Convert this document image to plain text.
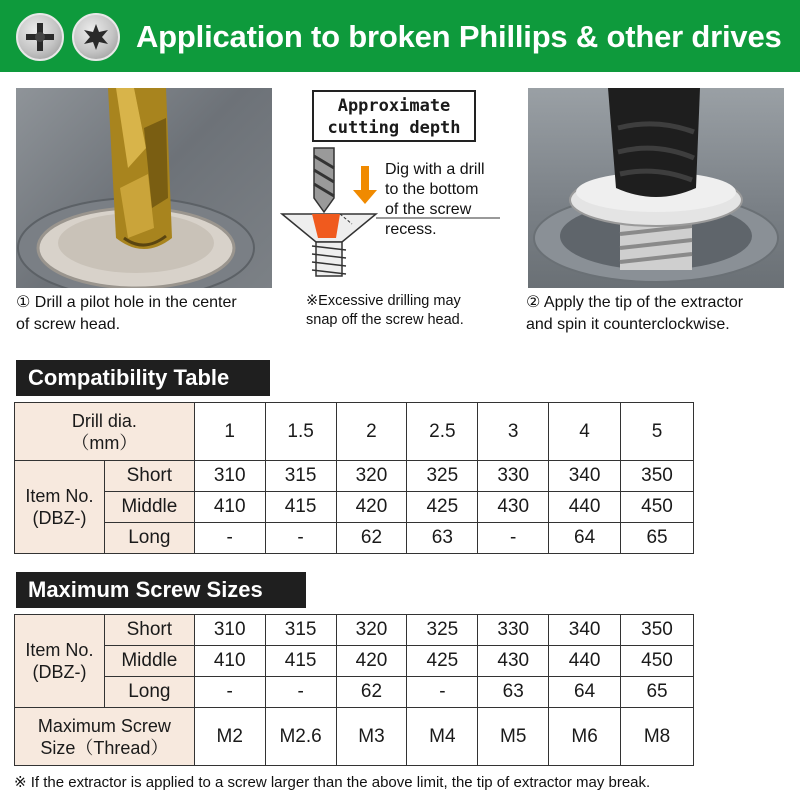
Application to broken Phillips & other drives
① Drill a pilot hole in the center
of screw head.
Approximate
cutting depth
Dig with a drill
to the bottom
of the screw
recess.
※Excessive drilling may
snap off the screw head.
② Apply the tip of the extractor
and spin it counterclockwise.
Compatibility Table
Drill dia.
（mm）		1	1.5	2	2.5	3	4	5

Item No.
(DBZ-)	Short	310	315	320	325	330	340	350
	Middle	410	415	420	425	430	440	450
	Long	-	-	62	63	-	64	65
Maximum Screw Sizes
Item No.
(DBZ-)	Short	310	315	320	325	330	340	350
	Middle	410	415	420	425	430	440	450
	Long	-	-	62	-	63	64	65

Maximum Screw
Size（Thread）		M2	M2.6	M3	M4	M5	M6	M8
※ If the extractor is applied to a screw larger than the above limit, the tip of extractor may break.
